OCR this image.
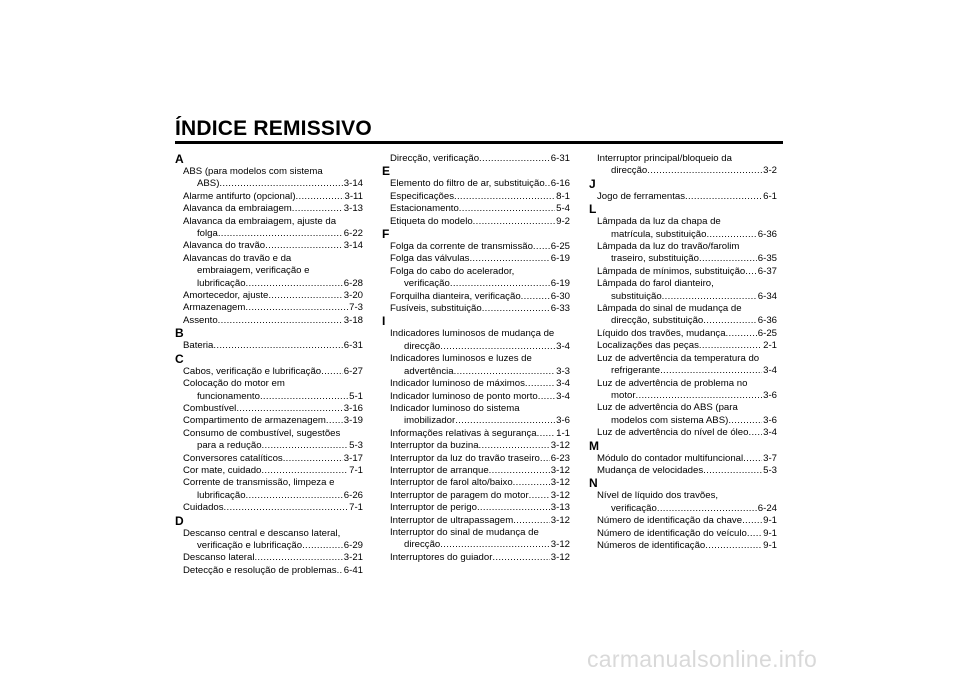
ÍNDICE REMISSIVO
A
ABS (para modelos com sistema
ABS) .....	3-14
Alarme antifurto (opcional) .....	3-11
Alavanca da embraiagem .....	3-13
Alavanca da embraiagem, ajuste da
folga .....	6-22
Alavanca do travão .....	3-14
Alavancas do travão e da
embraiagem, verificação e
lubrificação .....	6-28
Amortecedor, ajuste .....	3-20
Armazenagem .....	7-3
Assento .....	3-18
B
Bateria .....	6-31
C
Cabos, verificação e lubrificação ..... 6-27
Colocação do motor em
funcionamento .....	5-1
Combustível .....	3-16
Compartimento de armazenagem ..... 3-19
Consumo de combustível, sugestões
para a redução .....	5-3
Conversores catalíticos .....	3-17
Cor mate, cuidado .....	7-1
Corrente de transmissão, limpeza e
lubrificação .....	6-26
Cuidados .....	7-1
D
Descanso central e descanso lateral,
verificação e lubrificação .....	6-29
Descanso lateral .....	3-21
Detecção e resolução de problemas ..... 6-41
Direcção, verificação .....	6-31
E
Elemento do filtro de ar, substituição ..... 6-16
Especificações .....	8-1
Estacionamento .....	5-4
Etiqueta do modelo .....	9-2
F
Folga da corrente de transmissão ..... 6-25
Folga das válvulas .....	6-19
Folga do cabo do acelerador,
verificação .....	6-19
Forquilha dianteira, verificação .....	6-30
Fusíveis, substituição .....	6-33
I
Indicadores luminosos de mudança de
direcção .....	3-4
Indicadores luminosos e luzes de
advertência .....	3-3
Indicador luminoso de máximos .....	3-4
Indicador luminoso de ponto morto ..... 3-4
Indicador luminoso do sistema
imobilizador .....	3-6
Informações relativas à segurança ..... 1-1
Interruptor da buzina .....	3-12
Interruptor da luz do travão traseiro ..... 6-23
Interruptor de arranque .....	3-12
Interruptor de farol alto/baixo .....	3-12
Interruptor de paragem do motor ..... 3-12
Interruptor de perigo .....	3-13
Interruptor de ultrapassagem .....	3-12
Interruptor do sinal de mudança de
direcção .....	3-12
Interruptores do guiador .....	3-12
Interruptor principal/bloqueio da
direcção .....	3-2
J
Jogo de ferramentas .....	6-1
L
Lâmpada da luz da chapa de
matrícula, substituição .....	6-36
Lâmpada da luz do travão/farolim
traseiro, substituição .....	6-35
Lâmpada de mínimos, substituição ..... 6-37
Lâmpada do farol dianteiro,
substituição .....	6-34
Lâmpada do sinal de mudança de
direcção, substituição .....	6-36
Líquido dos travões, mudança .....	6-25
Localizações das peças .....	2-1
Luz de advertência da temperatura do
refrigerante .....	3-4
Luz de advertência de problema no
motor .....	3-6
Luz de advertência do ABS (para
modelos com sistema ABS) .....	3-6
Luz de advertência do nível de óleo ..... 3-4
M
Módulo do contador multifuncional ..... 3-7
Mudança de velocidades .....	5-3
N
Nível de líquido dos travões,
verificação .....	6-24
Número de identificação da chave ..... 9-1
Número de identificação do veículo ..... 9-1
Números de identificação .....	9-1
carmanualsonline.info
